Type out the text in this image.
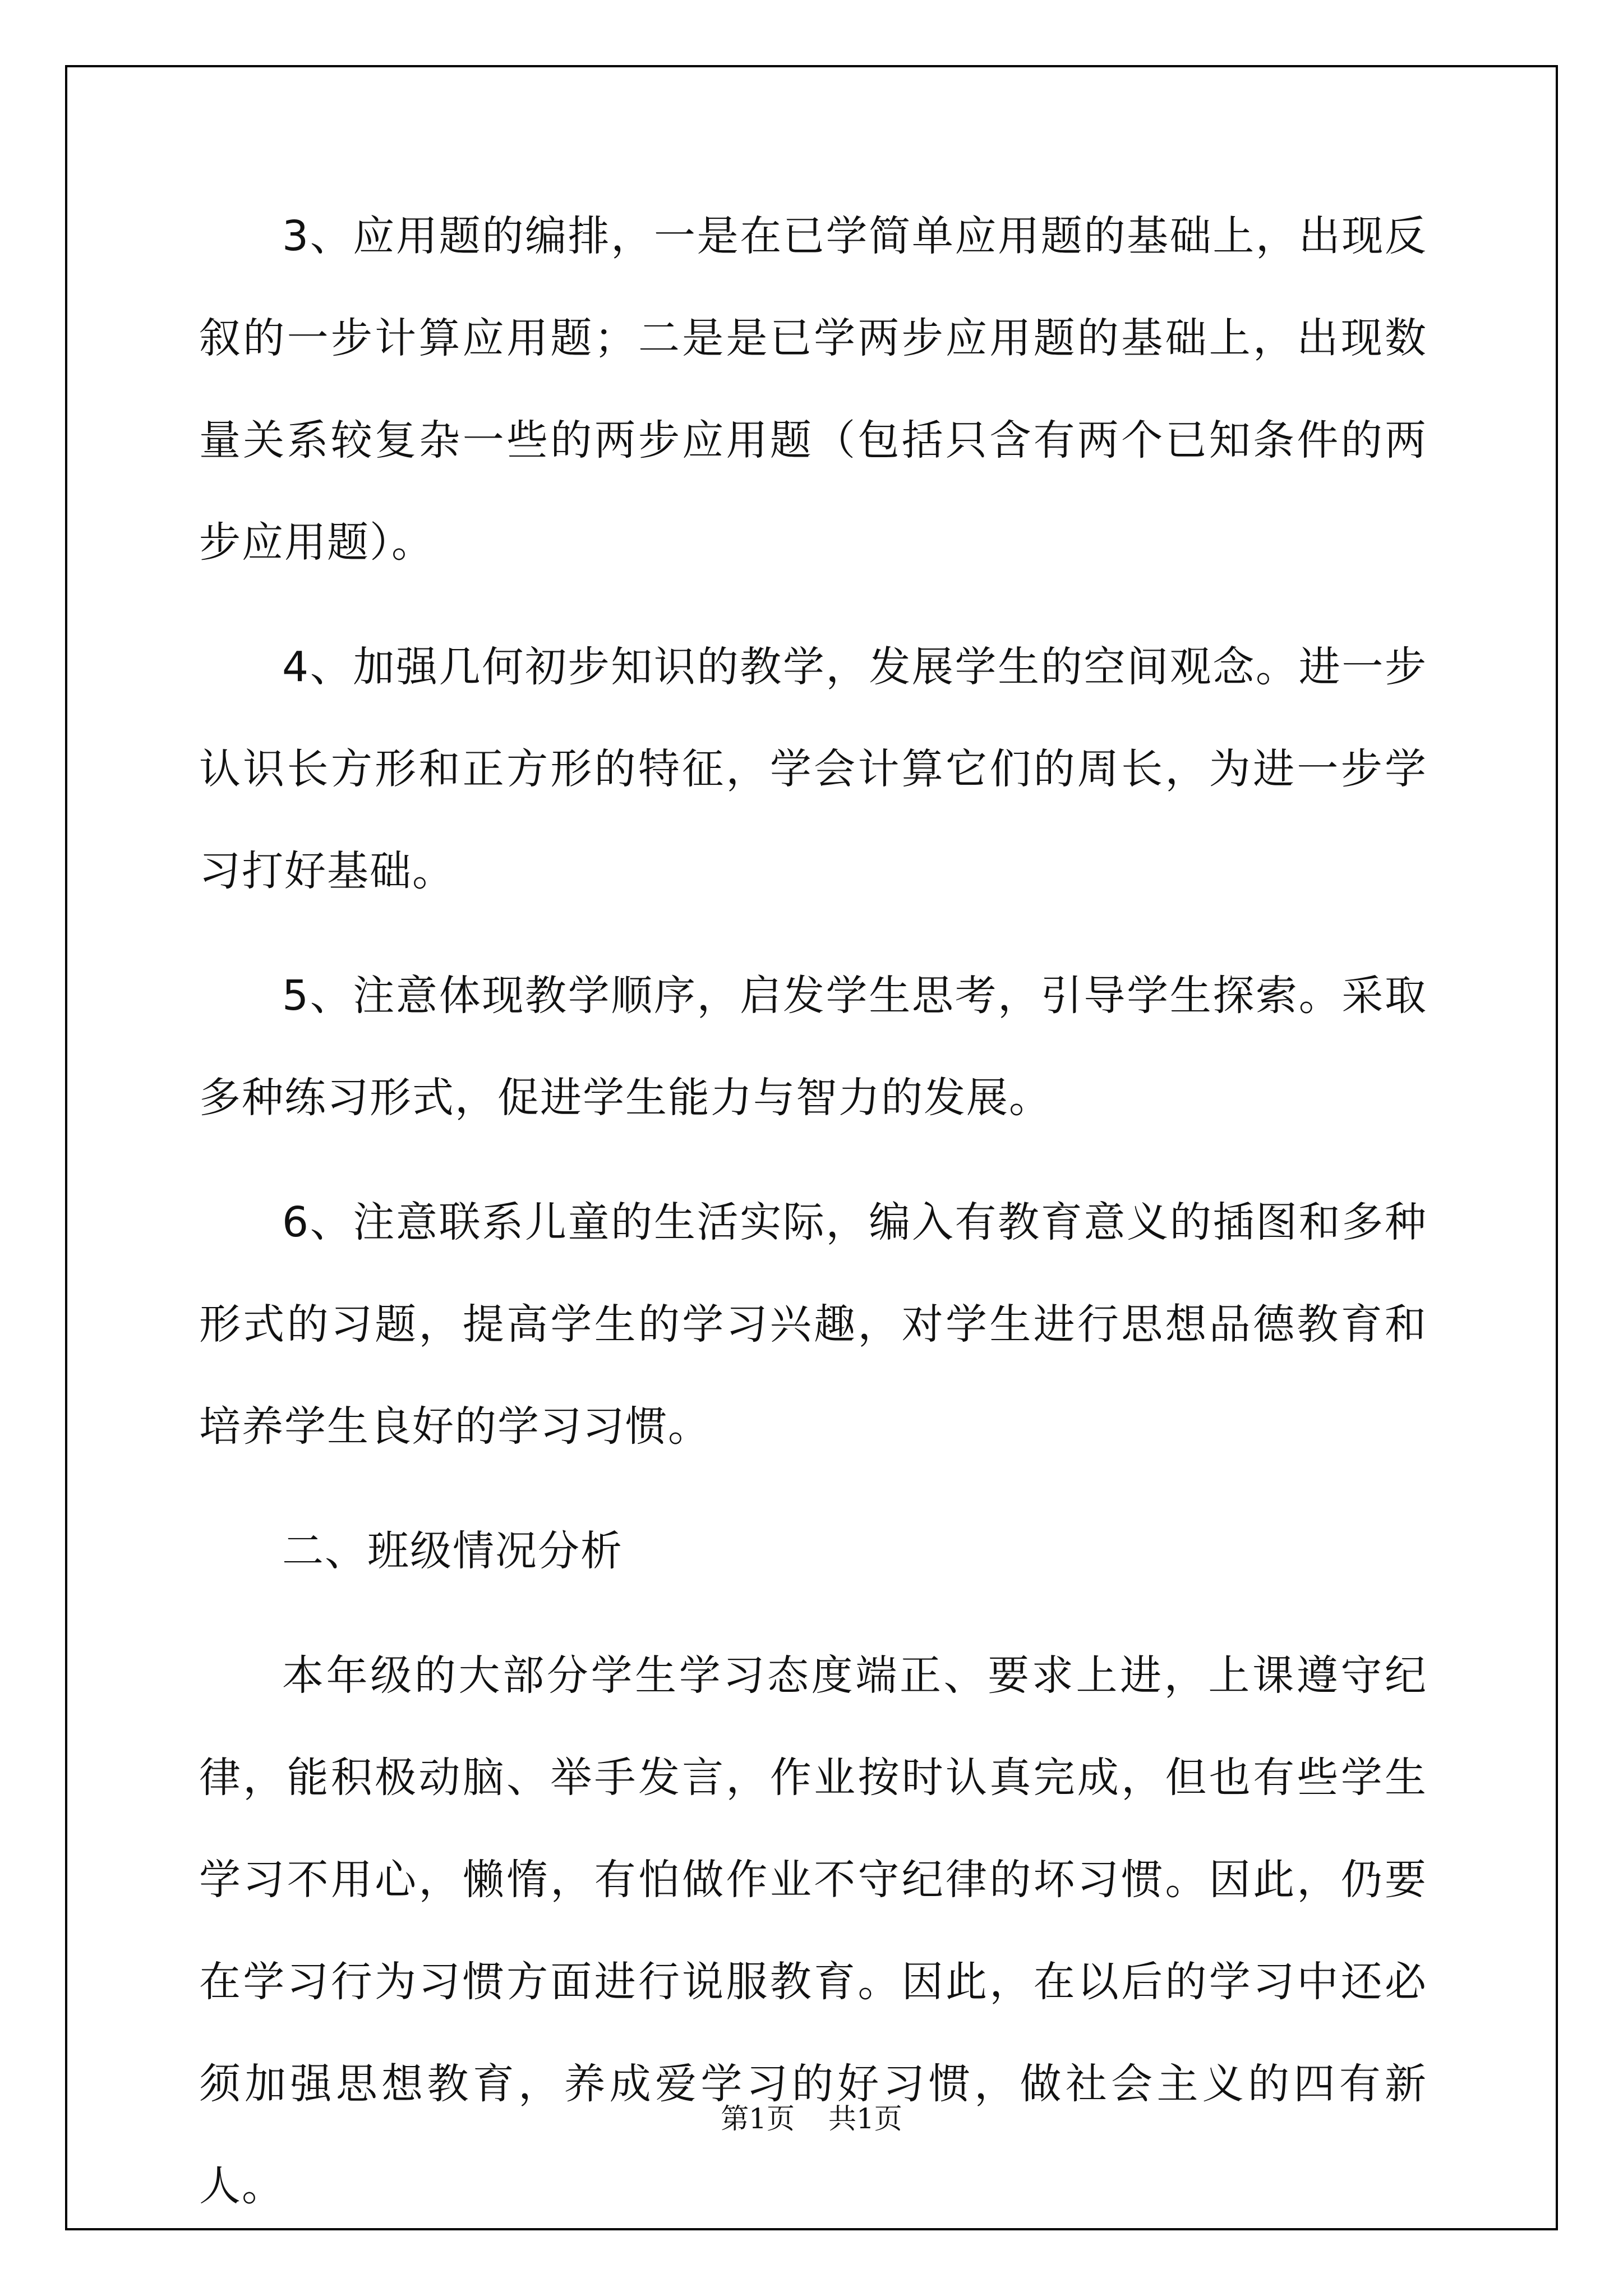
3、应用题的编排，一是在已学简单应用题的基础上，出现反叙的一步计算应用题；二是是已学两步应用题的基础上，出现数量关系较复杂一些的两步应用题（包括只含有两个已知条件的两步应用题）。

4、加强几何初步知识的教学，发展学生的空间观念。进一步认识长方形和正方形的特征，学会计算它们的周长，为进一步学习打好基础。

5、注意体现教学顺序，启发学生思考，引导学生探索。采取多种练习形式，促进学生能力与智力的发展。

6、注意联系儿童的生活实际，编入有教育意义的插图和多种形式的习题，提高学生的学习兴趣，对学生进行思想品德教育和培养学生良好的学习习惯。

二、班级情况分析

本年级的大部分学生学习态度端正、要求上进，上课遵守纪律，能积极动脑、举手发言，作业按时认真完成，但也有些学生学习不用心，懒惰，有怕做作业不守纪律的坏习惯。因此，仍要在学习行为习惯方面进行说服教育。因此，在以后的学习中还必须加强思想教育，养成爱学习的好习惯，做社会主义的四有新人。

第1页 共1页
